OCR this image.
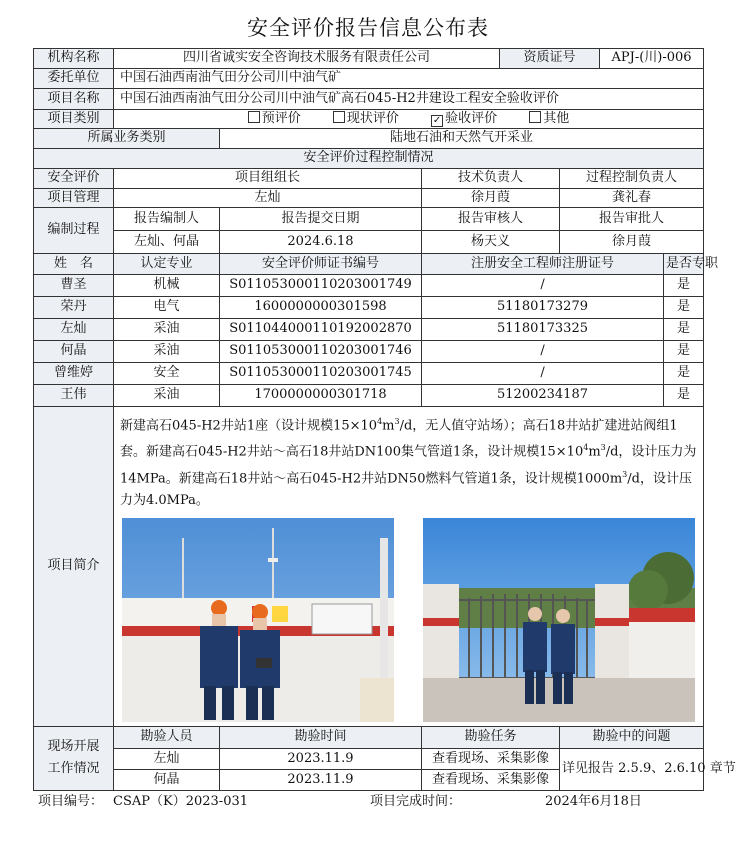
安全评价报告信息公布表
机构名称	四川省诚实安全咨询技术服务有限责任公司			资质证号		APJ-(川)-006	
委托单位	中国石油西南油气田分公司川中油气矿						
项目名称	中国石油西南油气田分公司川中油气矿高石045-H2井建设工程安全验收评价						
项目类别	预评价 现状评价 ✓ 验收评价 其他						
所属业务类别		陆地石油和天然气开采业					
安全评价过程控制情况							
安全评价	项目组组长		技术负责人		过程控制负责人		
项目管理	左灿		徐月葭		龚礼春		
编制过程	报告编制人	报告提交日期	报告审核人		报告审批人		
	左灿、何晶	2024.6.18	杨天义		徐月葭		
姓　名	认定专业	安全评价师证书编号	注册安全工程师注册证号				是否专职
曹圣	机械	S011053000110203001749	/				是
荣丹	电气	1600000000301598	51180173279				是
左灿	采油	S011044000110192002870	51180173325				是
何晶	采油	S011053000110203001746	/				是
曾维婷	安全	S011053000110203001745	/				是
王伟	采油	1700000000301718	51200234187				是
项目简介	新建高石045-H2井站1座（设计规模$15\times 10^4m^3/d$，无人值守站场）；高石18井站扩建进站阀组1套。新建高石045-H2井站～高石18井站DN100集气管道1条，设计规模$15\times 10^4m^3/d$，设计压力为14MPa。新建高石18井站～高石045-H2井站DN50燃料气管道1条，设计规模$1000m^3/d$，设计压力为4.0MPa。						

现场开展
工作情况	勘验人员	勘验时间	勘验任务		勘验中的问题		
	左灿	2023.11.9	查看现场、采集影像		详见报告 2.5.9、2.6.10 章节		
	何晶	2023.11.9	查看现场、采集影像				
项目编号： CSAP（K）2023-031	项目完成时间：	2024年6月18日
